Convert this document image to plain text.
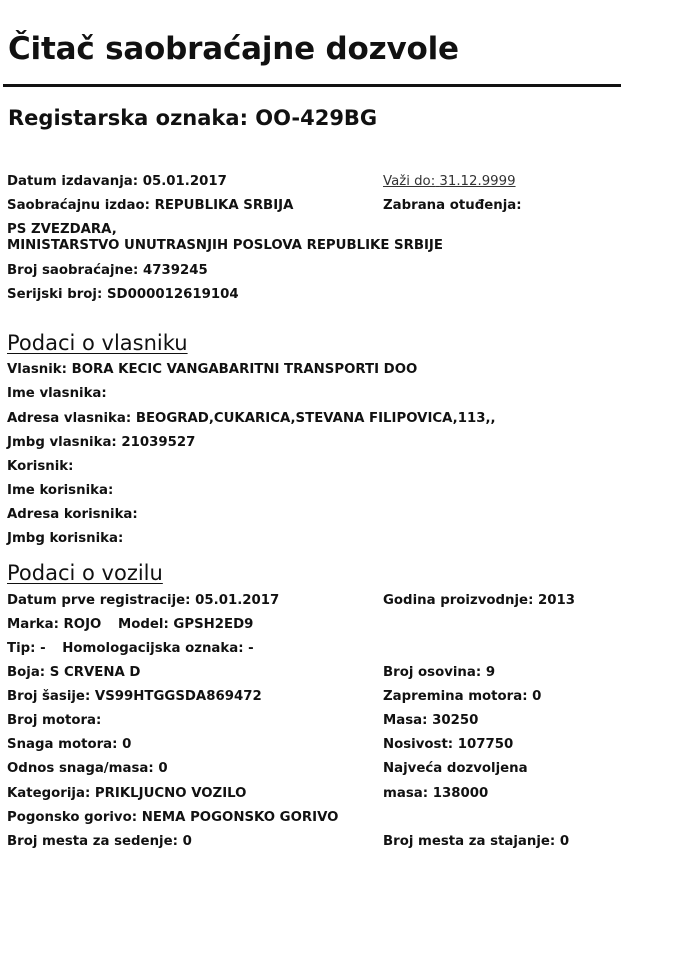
Čitač saobraćajne dozvole
Registarska oznaka: OO-429BG
Datum izdavanja: 05.01.2017	Važi do: 31.12.9999
Saobraćajnu izdao: REPUBLIKA SRBIJA	Zabrana otuđenja:
PS ZVEZDARA,
MINISTARSTVO UNUTRASNJIH POSLOVA REPUBLIKE SRBIJE
Broj saobraćajne: 4739245
Serijski broj: SD000012619104
Podaci o vlasniku
Vlasnik: BORA KECIC VANGABARITNI TRANSPORTI DOO
Ime vlasnika:
Adresa vlasnika: BEOGRAD,CUKARICA,STEVANA FILIPOVICA,113,,
Jmbg vlasnika: 21039527
Korisnik:
Ime korisnika:
Adresa korisnika:
Jmbg korisnika:
Podaci o vozilu
Datum prve registracije: 05.01.2017	Godina proizvodnje: 2013
Marka: ROJO Model: GPSH2ED9
Tip: - Homologacijska oznaka: -
Boja: S CRVENA D	Broj osovina: 9
Broj šasije: VS99HTGGSDA869472	Zapremina motora: 0
Broj motora:	Masa: 30250
Snaga motora: 0	Nosivost: 107750
Odnos snaga/masa: 0	Najveća dozvoljena
Kategorija: PRIKLJUCNO VOZILO	masa: 138000
Pogonsko gorivo: NEMA POGONSKO GORIVO
Broj mesta za sedenje: 0	Broj mesta za stajanje: 0
